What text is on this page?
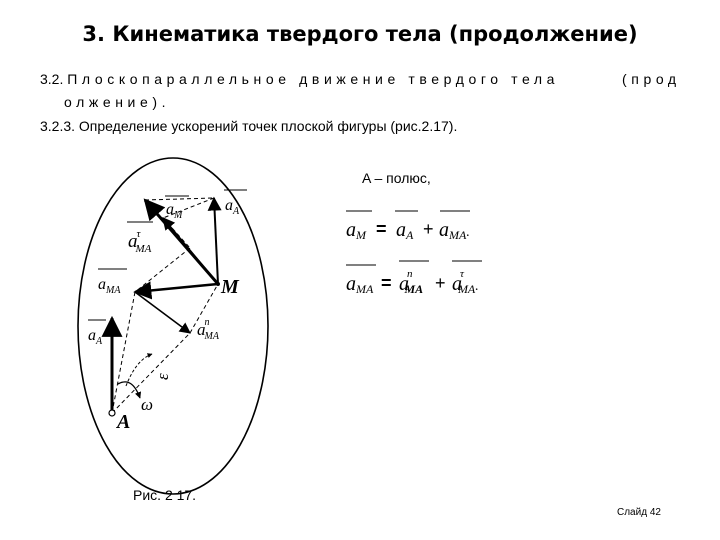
3. Кинематика твердого тела (продолжение)
3.2. Плоскопараллельное движение твердого тела	(прод
олжение).
3.2.3. Определение ускорений точек плоской фигуры (рис.2.17).
A – полюс,
$a_M$
$a_A$
aτ MA
$a_{MA}$	M
$a_A$
an MA
ε
ω
A
aM = aA + aMA.
aMA = an MA + aτ MA.
Рис. 2 17.
Слайд 42
